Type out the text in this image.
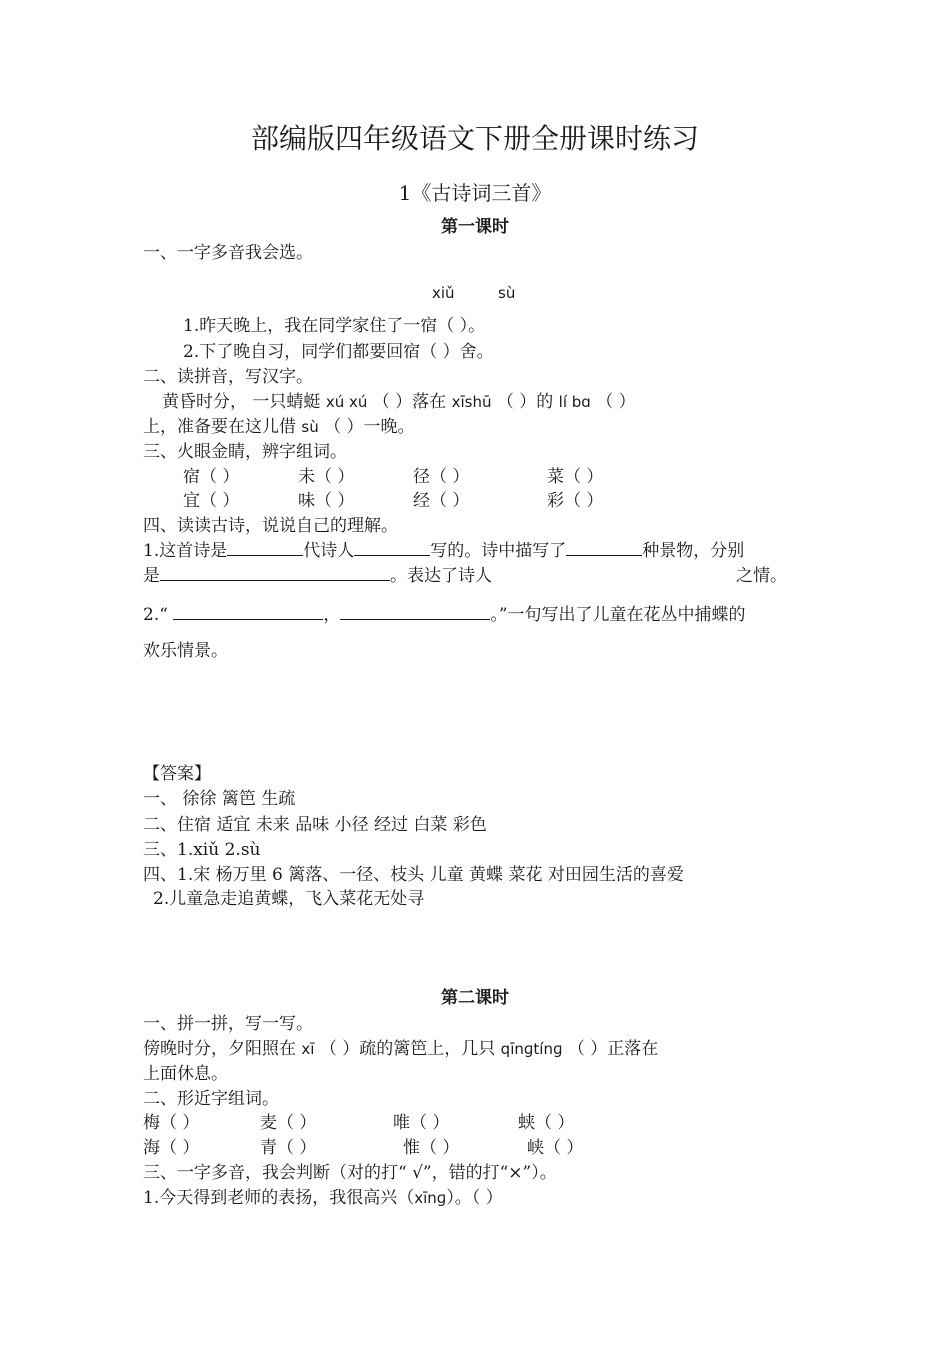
部编版四年级语文下册全册课时练习
1《古诗词三首》
第一课时
一、一字多音我会选。
xiǔ	sù
1.昨天晚上，我在同学家住了一宿（ ）。
2.下了晚自习，同学们都要回宿（ ）舍。
二、读拼音，写汉字。
黄昏时分， 一只蜻蜓 xú xú （ ）落在 xīshū （ ）的 lí bɑ （ ）
上，准备要在这儿借 sù （ ）一晚。
三、火眼金睛，辨字组词。
宿（ ）	未（ ）	径（ ）	菜（ ）
宜（ ）	味（ ）	经（ ）	彩（ ）
四、读读古诗，说说自己的理解。
1.这首诗是	代诗人	写的。诗中描写了	种景物，分别
是	。表达了诗人	之情。
2.“	，	。”一句写出了儿童在花丛中捕蝶的
欢乐情景。
【答案】
一、 徐徐 篱笆 生疏
二、住宿 适宜 未来 品味 小径 经过 白菜 彩色
三、1.xiǔ 2.sù
四、1.宋 杨万里 6 篱落、一径、枝头 儿童 黄蝶 菜花 对田园生活的喜爱
2.儿童急走追黄蝶，飞入菜花无处寻
第二课时
一、拼一拼，写一写。
傍晚时分，夕阳照在 xī （ ）疏的篱笆上，几只 qīnɡtínɡ （ ）正落在
上面休息。
二、形近字组词。
梅（ ）	麦（ ）	唯（ ）	蛱（ ）
海（ ）	青（ ）	惟（ ）	峡（ ）
三、一字多音，我会判断（对的打“ √”，错的打“×”）。
1.今天得到老师的表扬，我很高兴（xīnɡ）。（ ）
